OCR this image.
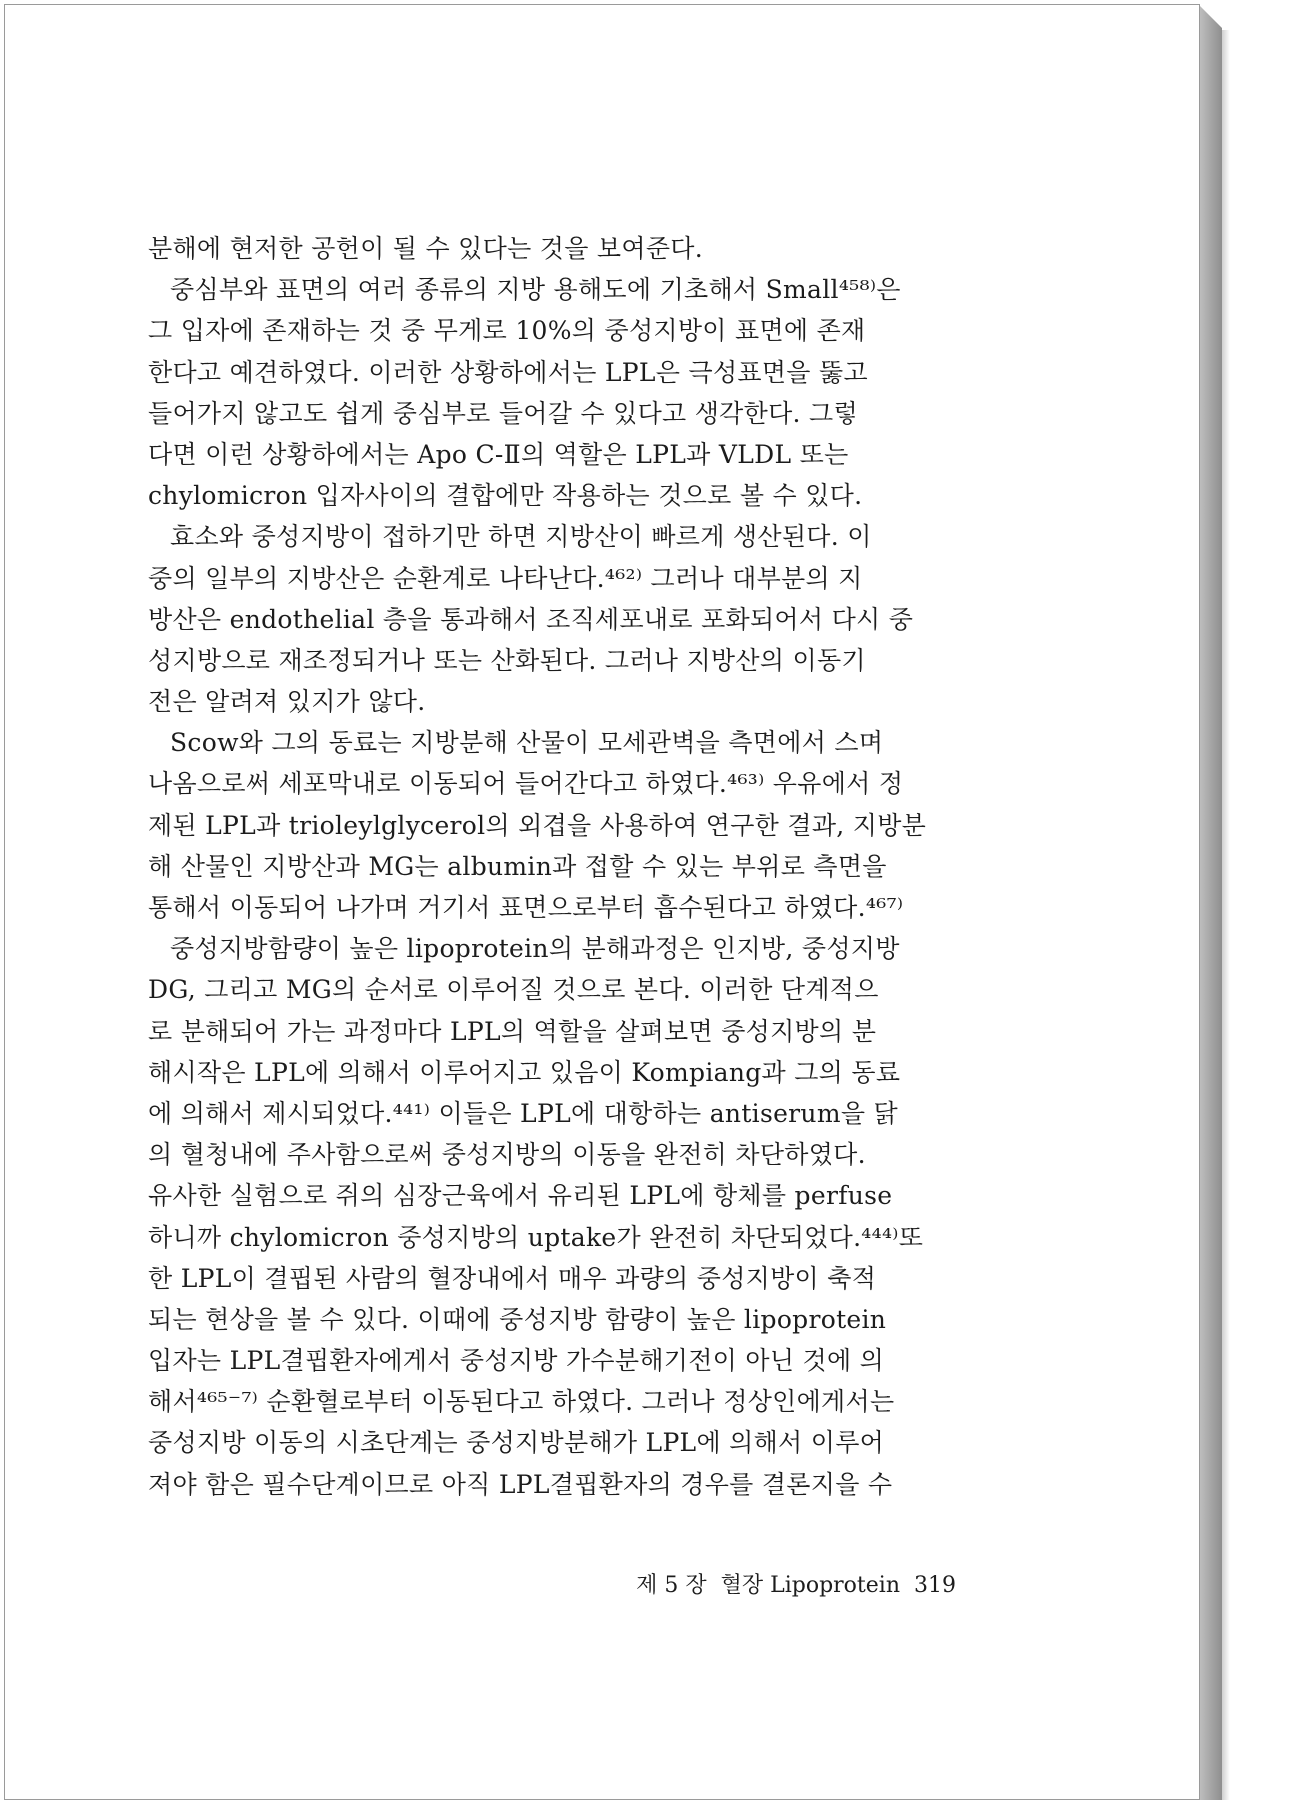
분해에 현저한 공헌이 될 수 있다는 것을 보여준다.
중심부와 표면의 여러 종류의 지방 용해도에 기초해서 Small⁴⁵⁸⁾은
그 입자에 존재하는 것 중 무게로 10%의 중성지방이 표면에 존재
한다고 예견하였다. 이러한 상황하에서는 LPL은 극성표면을 뚫고
들어가지 않고도 쉽게 중심부로 들어갈 수 있다고 생각한다. 그렇
다면 이런 상황하에서는 Apo C-Ⅱ의 역할은 LPL과 VLDL 또는
chylomicron 입자사이의 결합에만 작용하는 것으로 볼 수 있다.
효소와 중성지방이 접하기만 하면 지방산이 빠르게 생산된다. 이
중의 일부의 지방산은 순환계로 나타난다.⁴⁶²⁾ 그러나 대부분의 지
방산은 endothelial 층을 통과해서 조직세포내로 포화되어서 다시 중
성지방으로 재조정되거나 또는 산화된다. 그러나 지방산의 이동기
전은 알려져 있지가 않다.
Scow와 그의 동료는 지방분해 산물이 모세관벽을 측면에서 스며
나옴으로써 세포막내로 이동되어 들어간다고 하였다.⁴⁶³⁾ 우유에서 정
제된 LPL과 trioleylglycerol의 외겹을 사용하여 연구한 결과, 지방분
해 산물인 지방산과 MG는 albumin과 접할 수 있는 부위로 측면을
통해서 이동되어 나가며 거기서 표면으로부터 흡수된다고 하였다.⁴⁶⁷⁾
중성지방함량이 높은 lipoprotein의 분해과정은 인지방, 중성지방
DG, 그리고 MG의 순서로 이루어질 것으로 본다. 이러한 단계적으
로 분해되어 가는 과정마다 LPL의 역할을 살펴보면 중성지방의 분
해시작은 LPL에 의해서 이루어지고 있음이 Kompiang과 그의 동료
에 의해서 제시되었다.⁴⁴¹⁾ 이들은 LPL에 대항하는 antiserum을 닭
의 혈청내에 주사함으로써 중성지방의 이동을 완전히 차단하였다.
유사한 실험으로 쥐의 심장근육에서 유리된 LPL에 항체를 perfuse
하니까 chylomicron 중성지방의 uptake가 완전히 차단되었다.⁴⁴⁴⁾또
한 LPL이 결핍된 사람의 혈장내에서 매우 과량의 중성지방이 축적
되는 현상을 볼 수 있다. 이때에 중성지방 함량이 높은 lipoprotein
입자는 LPL결핍환자에게서 중성지방 가수분해기전이 아닌 것에 의
해서⁴⁶⁵⁻⁷⁾ 순환혈로부터 이동된다고 하였다. 그러나 정상인에게서는
중성지방 이동의 시초단계는 중성지방분해가 LPL에 의해서 이루어
져야 함은 필수단계이므로 아직 LPL결핍환자의 경우를 결론지을 수
제 5 장 혈장 Lipoprotein 319
